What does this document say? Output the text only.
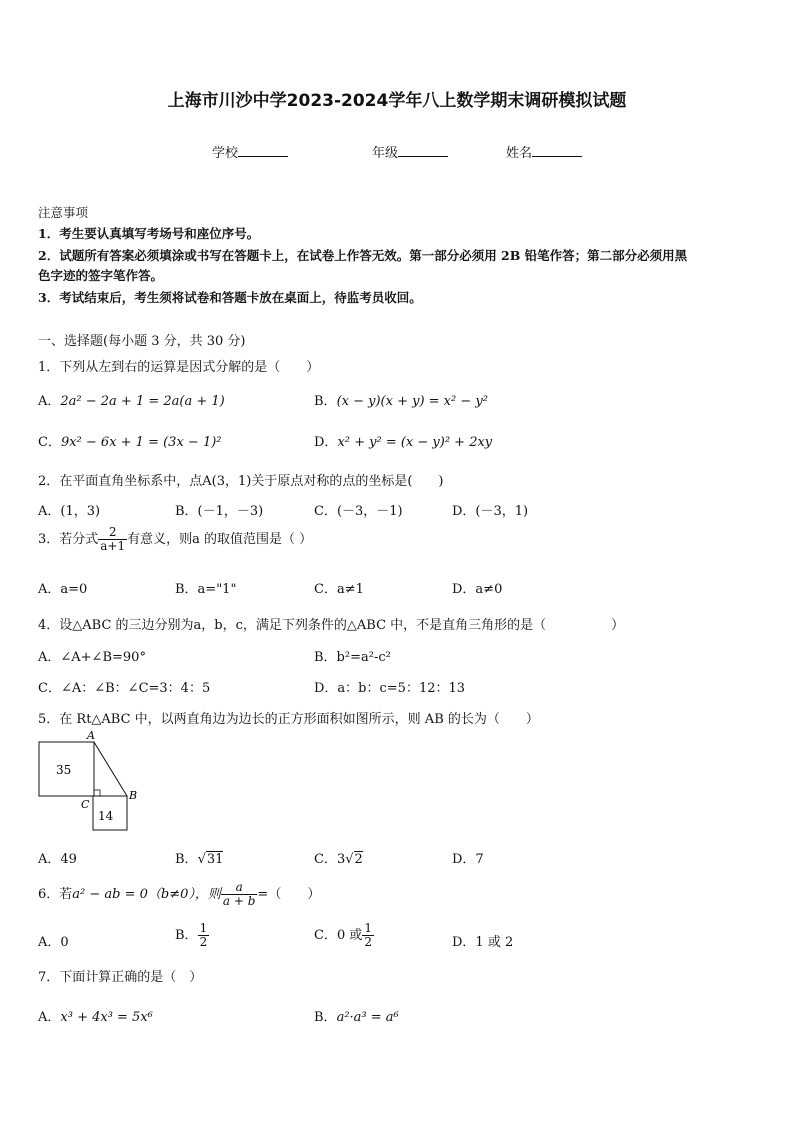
上海市川沙中学2023-2024学年八上数学期末调研模拟试题
学校	年级	姓名
注意事项
1．考生要认真填写考场号和座位序号。
2．试题所有答案必须填涂或书写在答题卡上，在试卷上作答无效。第一部分必须用 2B 铅笔作答；第二部分必须用黑
色字迹的签字笔作答。
3．考试结束后，考生须将试卷和答题卡放在桌面上，待监考员收回。
一、选择题(每小题 3 分，共 30 分)
1．下列从左到右的运算是因式分解的是（　　）
A．2a² − 2a + 1 = 2a(a + 1)	B．(x − y)(x + y) = x² − y²
C．9x² − 6x + 1 = (3x − 1)²	D．x² + y² = (x − y)² + 2xy
2．在平面直角坐标系中，点A(3，1)关于原点对称的点的坐标是(　　)
A．(1，3)	B．(－1，－3)	C．(－3，－1)	D．(－3，1)
3．若分式 $\frac{2}{a+1}$ 有意义，则a 的取值范围是（ ）
A．a=0	B．a="1"	C．a≠1	D．a≠0
4．设△ABC 的三边分别为a，b，c，满足下列条件的△ABC 中，不是直角三角形的是（　　　　　）
A．∠A+∠B=90°	B．b²=a²-c²
C．∠A：∠B：∠C=3：4：5	D．a：b：c=5：12：13
5．在 Rt△ABC 中，以两直角边为边长的正方形面积如图所示，则 AB 的长为（　　）
35
14
A
B
C
A．49	B．√31	C．3√2	D．7
6．若a² − ab = 0（b≠0），则 $\frac{a}{a + b}$ =（　　）
A．0	B． $\frac{1}{2}$	C．0 或 $\frac{1}{2}$	D．1 或 2
7．下面计算正确的是（　）
A．x³ + 4x³ = 5x⁶	B．a²·a³ = a⁶
